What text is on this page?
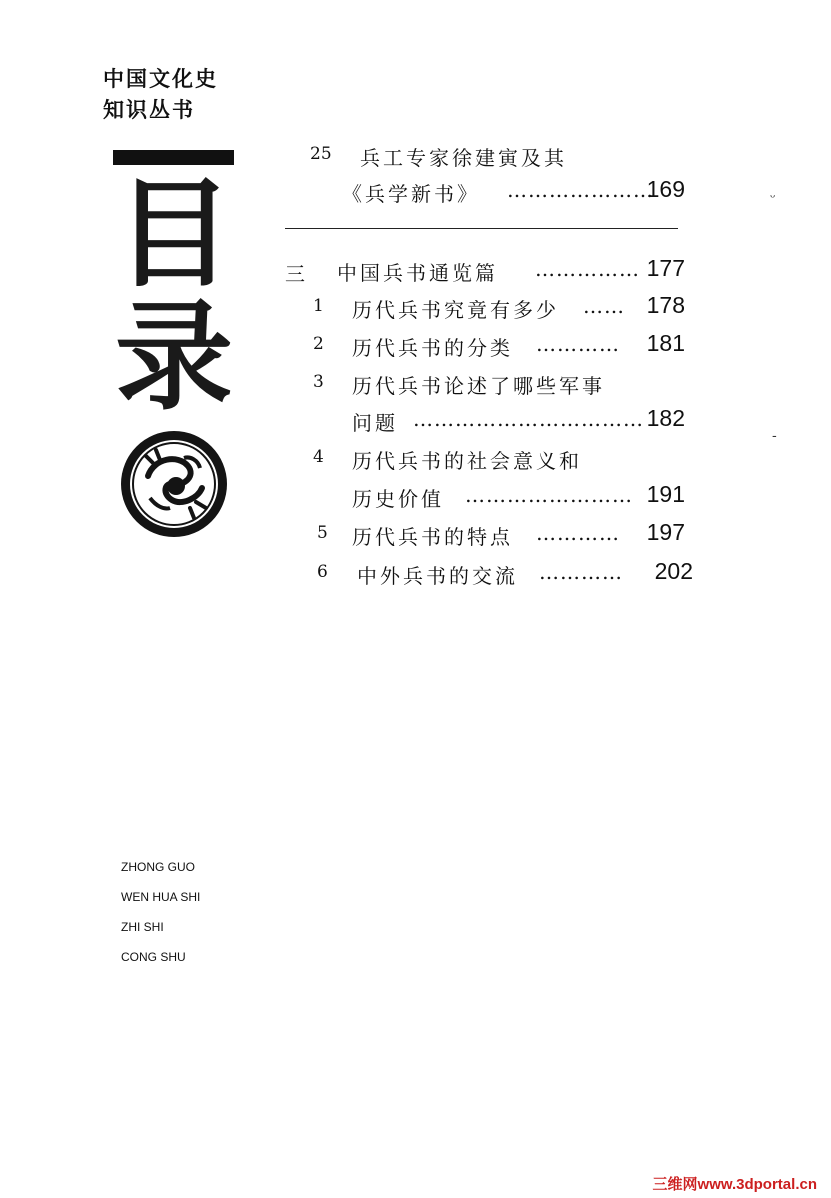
中国文化史
知识丛书
目
录
25 兵工专家徐建寅及其
《兵学新书》 …………………
169
三 中国兵书通览篇 …………… 177
1 历代兵书究竟有多少 …… 178
2 历代兵书的分类 ………… 181
3 历代兵书论述了哪些军事
问题 …………………………… 182
4 历代兵书的社会意义和
历史价值 …………………… 191
5 历代兵书的特点 ………… 197
6 中外兵书的交流 ………… 202
ᵕ
‐
ZHONG GUO
WEN HUA SHI
ZHI SHI
CONG SHU
三维网www.3dportal.cn
